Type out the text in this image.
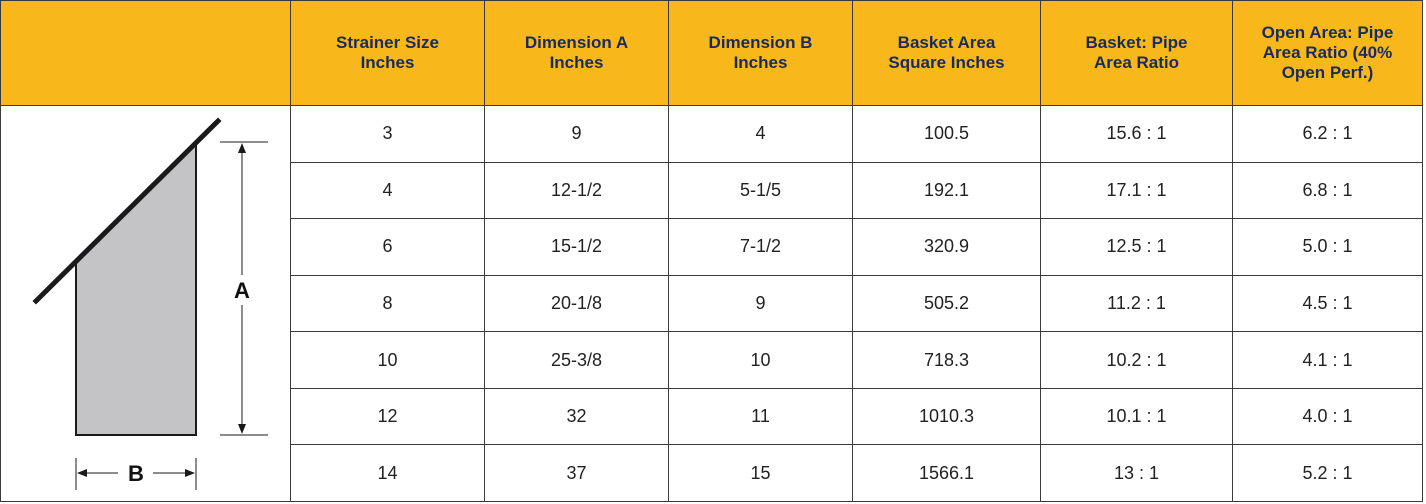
	Strainer Size Inches	Dimension A Inches	Dimension B Inches	Basket Area Square Inches	Basket: Pipe Area Ratio	Open Area: Pipe Area Ratio (40% Open Perf.)

	3	9	4	100.5	15.6 : 1	6.2 : 1
	4	12-1/2	5-1/5	192.1	17.1 : 1	6.8 : 1
	6	15-1/2	7-1/2	320.9	12.5 : 1	5.0 : 1
	8	20-1/8	9	505.2	11.2 : 1	4.5 : 1
	10	25-3/8	10	718.3	10.2 : 1	4.1 : 1
	12	32	11	1010.3	10.1 : 1	4.0 : 1
	14	37	15	1566.1	13 : 1	5.2 : 1
A
B
